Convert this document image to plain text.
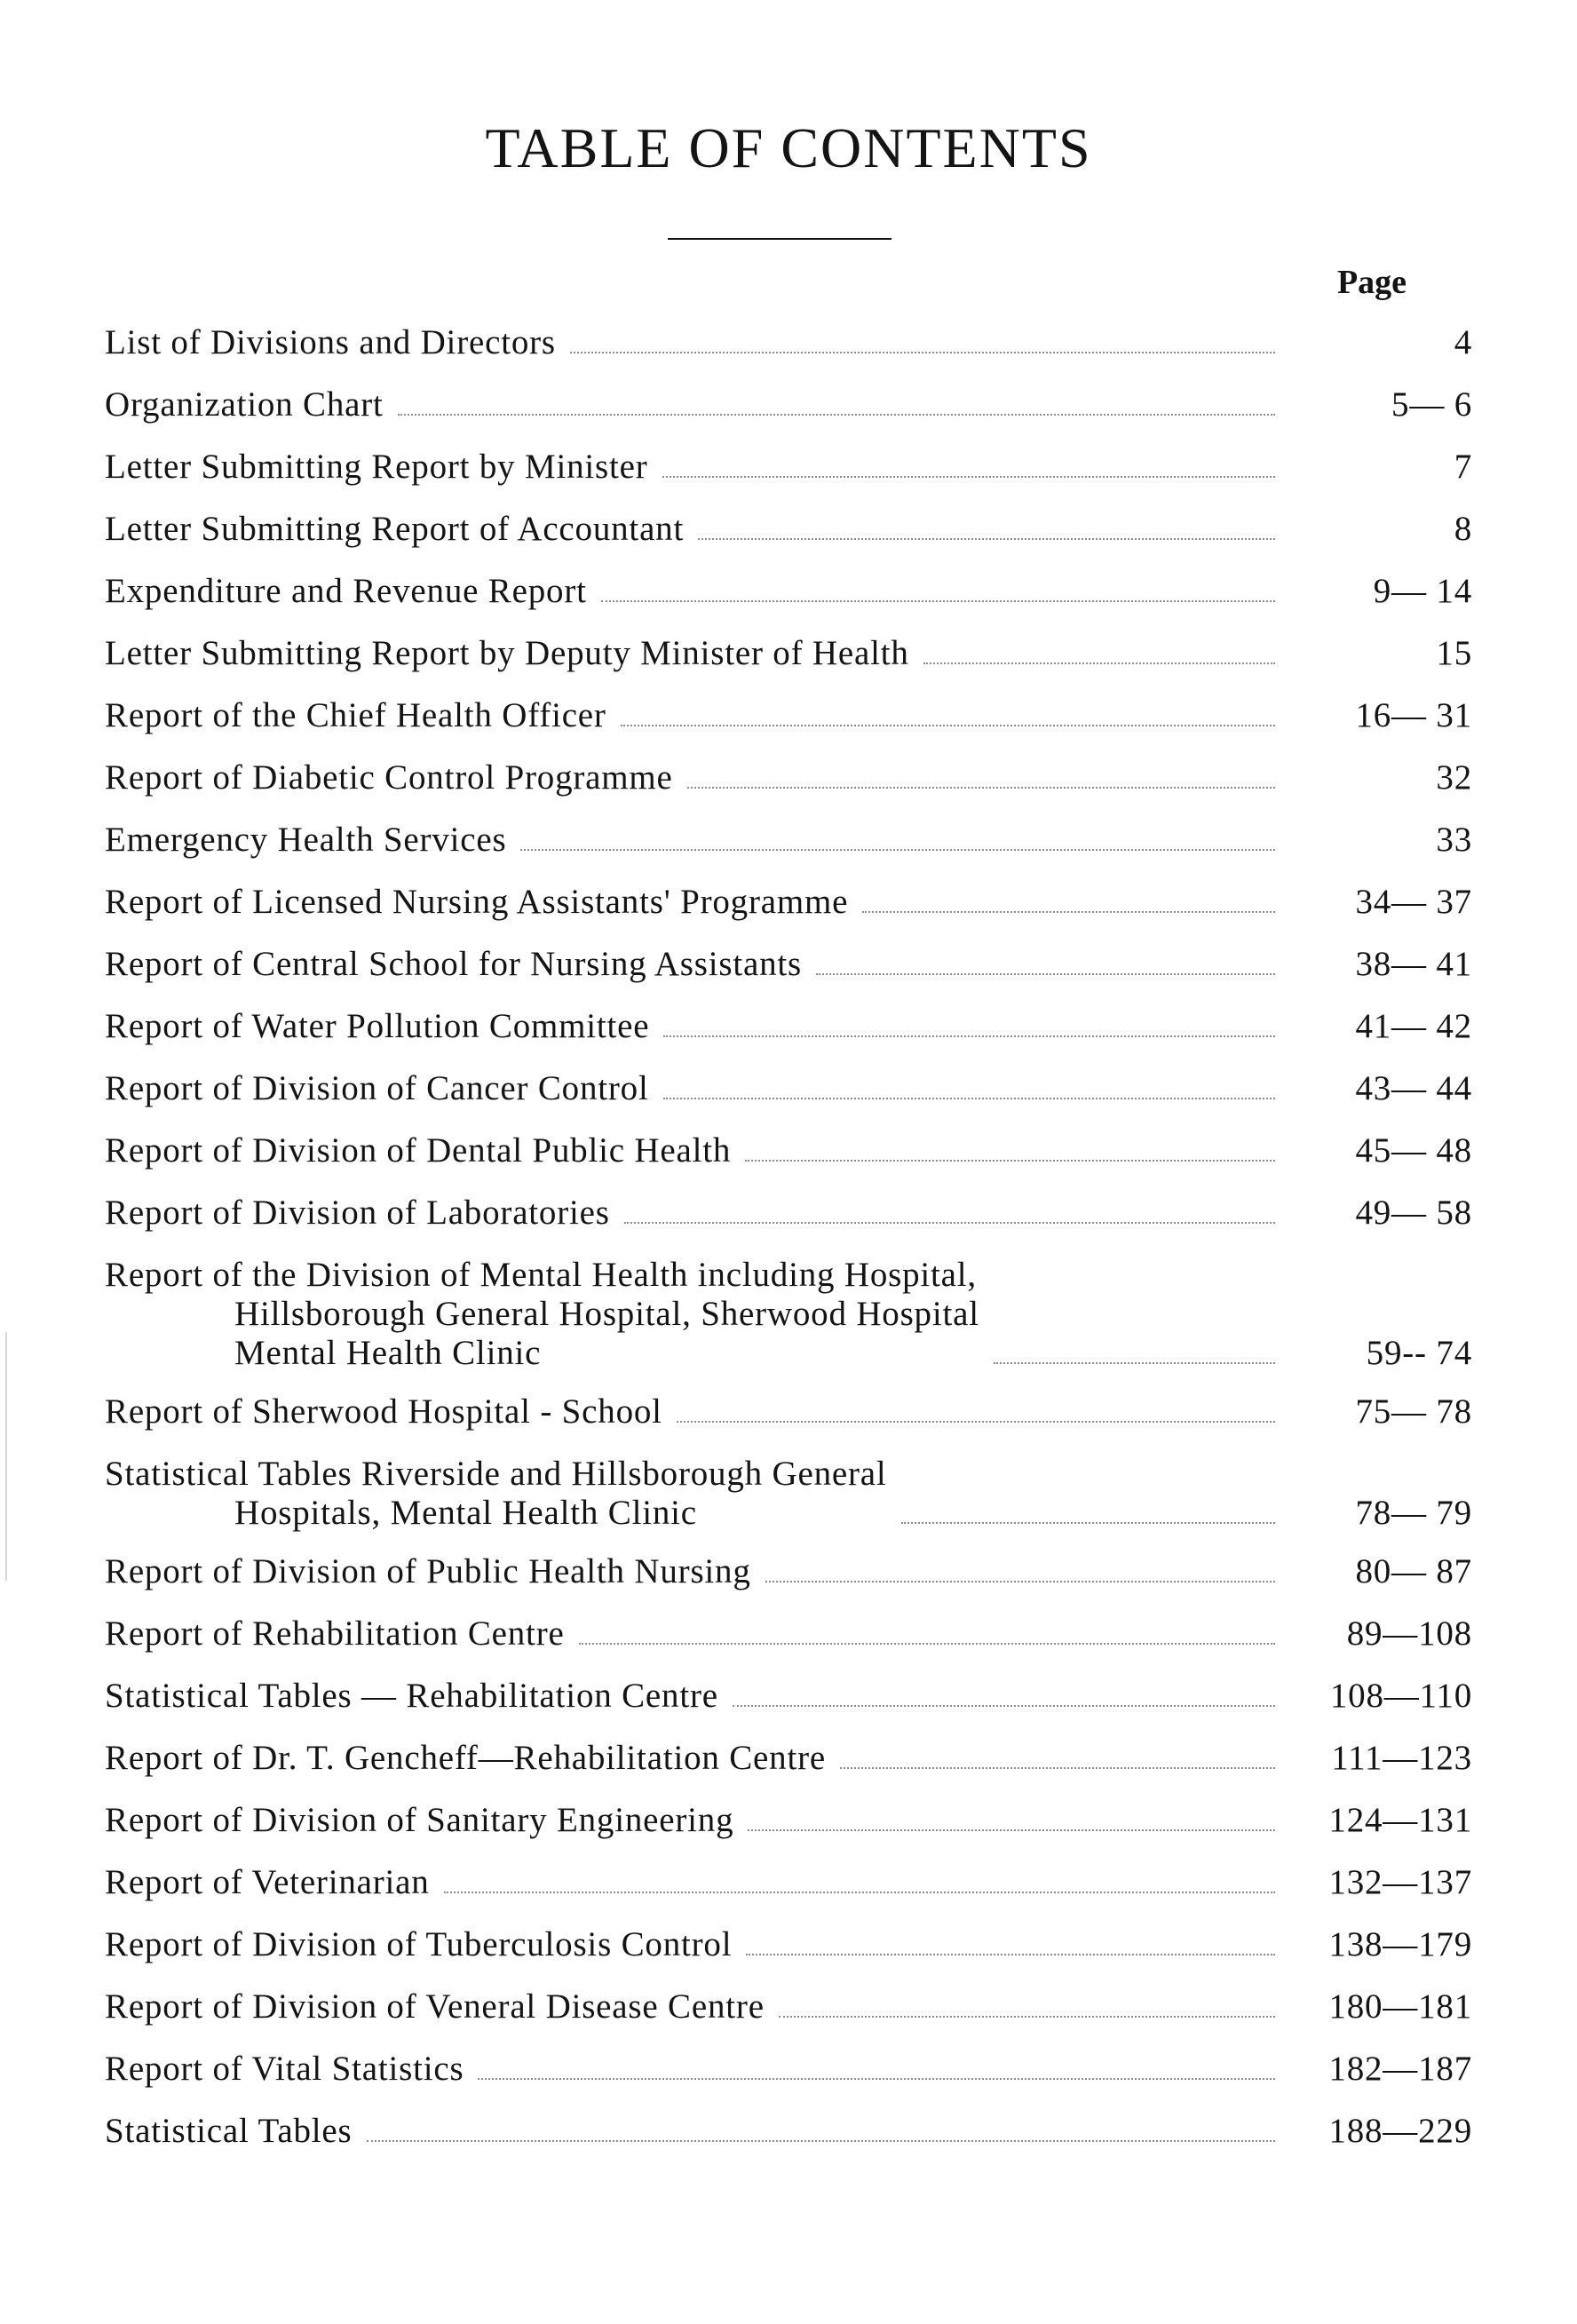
TABLE OF CONTENTS
Page
List of Divisions and Directors	4
Organization Chart	5— 6
Letter Submitting Report by Minister	7
Letter Submitting Report of Accountant	8
Expenditure and Revenue Report	9— 14
Letter Submitting Report by Deputy Minister of Health	15
Report of the Chief Health Officer	16— 31
Report of Diabetic Control Programme	32
Emergency Health Services	33
Report of Licensed Nursing Assistants' Programme	34— 37
Report of Central School for Nursing Assistants	38— 41
Report of Water Pollution Committee	41— 42
Report of Division of Cancer Control	43— 44
Report of Division of Dental Public Health	45— 48
Report of Division of Laboratories	49— 58
Report of the Division of Mental Health including Hospital,
Hillsborough General Hospital, Sherwood Hospital
Mental Health Clinic	59-- 74
Report of Sherwood Hospital - School	75— 78
Statistical Tables Riverside and Hillsborough General
Hospitals, Mental Health Clinic	78— 79
Report of Division of Public Health Nursing	80— 87
Report of Rehabilitation Centre	89—108
Statistical Tables — Rehabilitation Centre	108—110
Report of Dr. T. Gencheff—Rehabilitation Centre	111—123
Report of Division of Sanitary Engineering	124—131
Report of Veterinarian	132—137
Report of Division of Tuberculosis Control	138—179
Report of Division of Veneral Disease Centre	180—181
Report of Vital Statistics	182—187
Statistical Tables	188—229
